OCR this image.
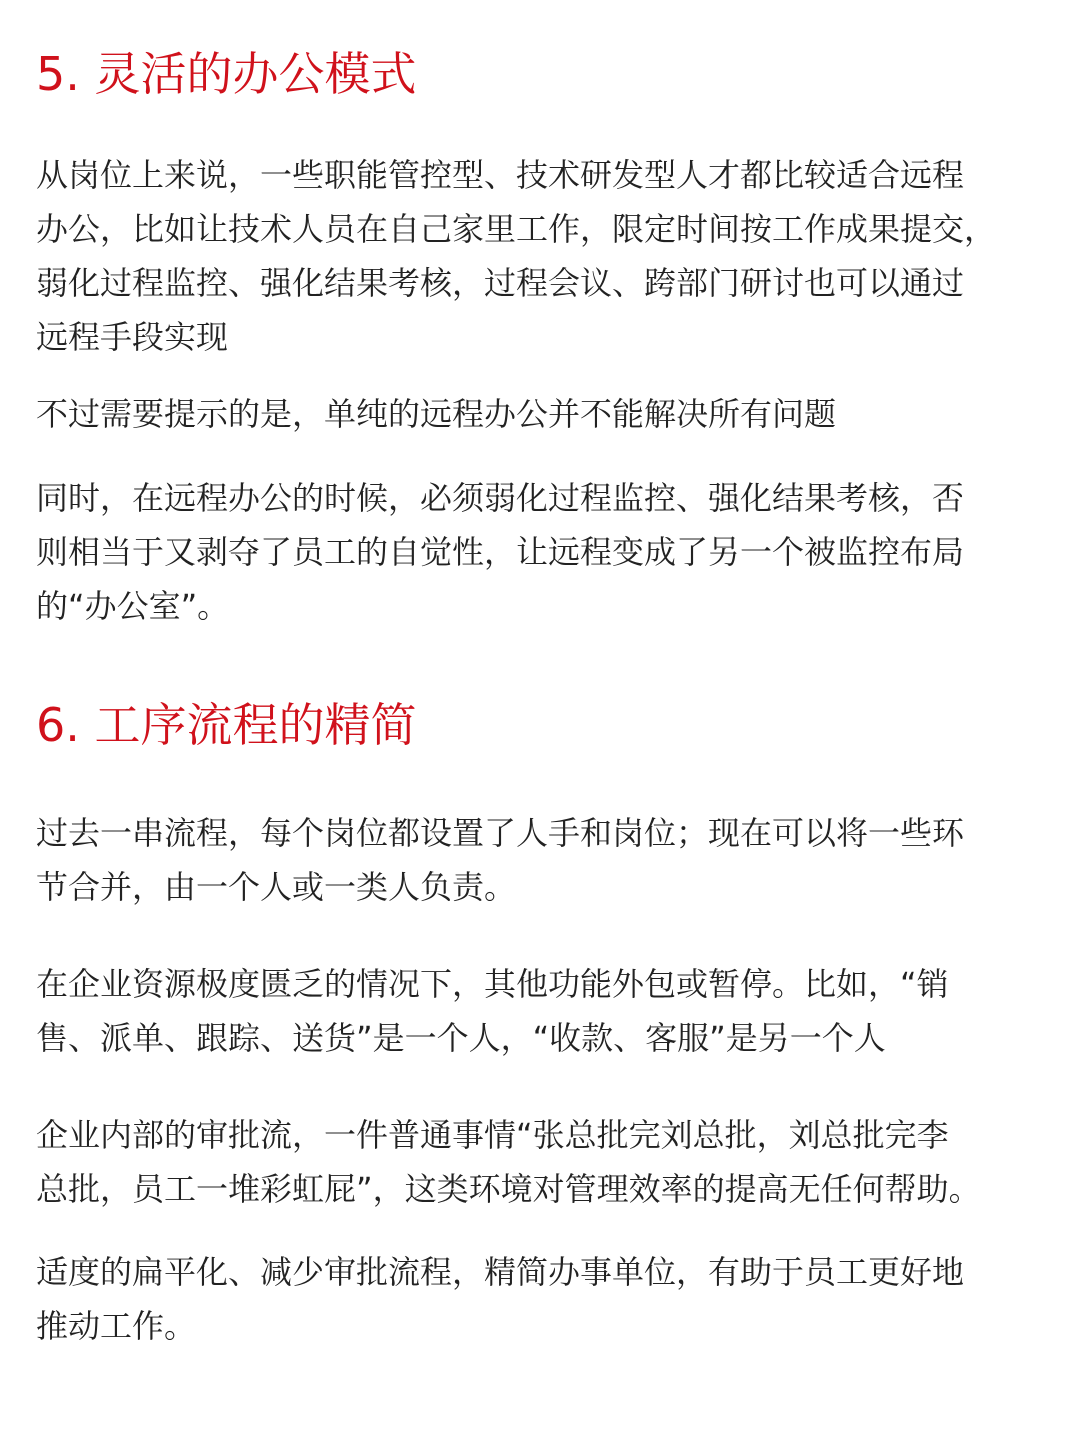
5. 灵活的办公模式

从岗位上来说，一些职能管控型、技术研发型人才都比较适合远程
办公，比如让技术人员在自己家里工作，限定时间按工作成果提交，
弱化过程监控、强化结果考核，过程会议、跨部门研讨也可以通过
远程手段实现

不过需要提示的是，单纯的远程办公并不能解决所有问题

同时，在远程办公的时候，必须弱化过程监控、强化结果考核，否
则相当于又剥夺了员工的自觉性，让远程变成了另一个被监控布局
的“办公室”。

6. 工序流程的精简

过去一串流程，每个岗位都设置了人手和岗位；现在可以将一些环
节合并，由一个人或一类人负责。

在企业资源极度匮乏的情况下，其他功能外包或暂停。比如，“销
售、派单、跟踪、送货”是一个人，“收款、客服”是另一个人

企业内部的审批流，一件普通事情“张总批完刘总批，刘总批完李
总批，员工一堆彩虹屁”，这类环境对管理效率的提高无任何帮助。

适度的扁平化、减少审批流程，精简办事单位，有助于员工更好地
推动工作。
